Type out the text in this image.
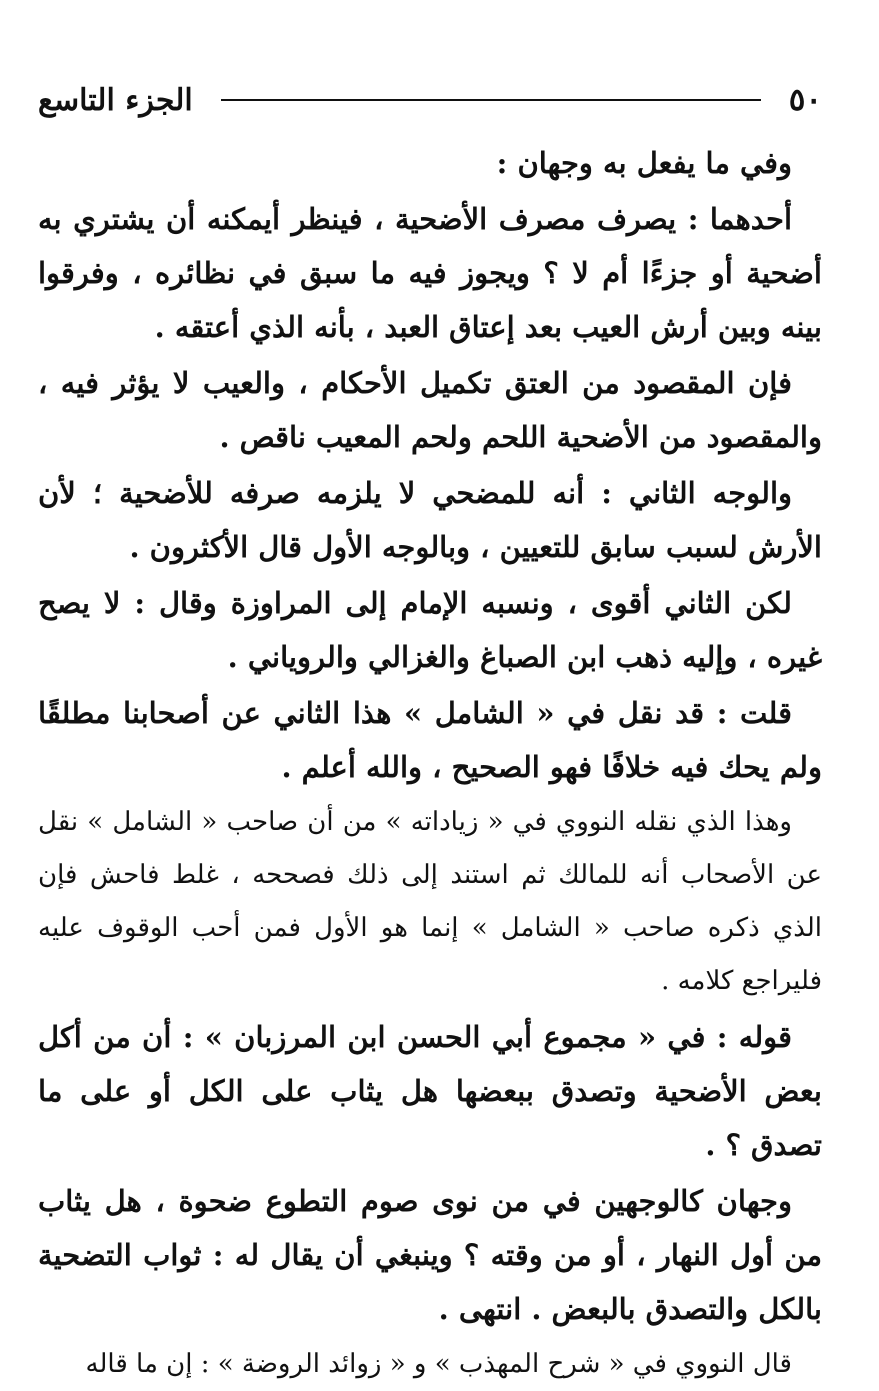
٥٠
الجزء التاسع

وفي ما يفعل به وجهان :

أحدهما : يصرف مصرف الأضحية ، فينظر أيمكنه أن يشتري به أضحية أو جزءًا أم لا ؟ ويجوز فيه ما سبق في نظائره ، وفرقوا بينه وبين أرش العيب بعد إعتاق العبد ، بأنه الذي أعتقه .

فإن المقصود من العتق تكميل الأحكام ، والعيب لا يؤثر فيه ، والمقصود من الأضحية اللحم ولحم المعيب ناقص .

والوجه الثاني : أنه للمضحي لا يلزمه صرفه للأضحية ؛ لأن الأرش لسبب سابق للتعيين ، وبالوجه الأول قال الأكثرون .

لكن الثاني أقوى ، ونسبه الإمام إلى المراوزة وقال : لا يصح غيره ، وإليه ذهب ابن الصباغ والغزالي والروياني .

قلت : قد نقل في « الشامل » هذا الثاني عن أصحابنا مطلقًا ولم يحك فيه خلافًا فهو الصحيح ، والله أعلم .

وهذا الذي نقله النووي في « زياداته » من أن صاحب « الشامل » نقل عن الأصحاب أنه للمالك ثم استند إلى ذلك فصححه ، غلط فاحش فإن الذي ذكره صاحب « الشامل » إنما هو الأول فمن أحب الوقوف عليه فليراجع كلامه .

قوله : في « مجموع أبي الحسن ابن المرزبان » : أن من أكل بعض الأضحية وتصدق ببعضها هل يثاب على الكل أو على ما تصدق ؟ .

وجهان كالوجهين في من نوى صوم التطوع ضحوة ، هل يثاب من أول النهار ، أو من وقته ؟ وينبغي أن يقال له : ثواب التضحية بالكل والتصدق بالبعض . انتهى .

قال النووي في « شرح المهذب » و « زوائد الروضة » : إن ما قاله
